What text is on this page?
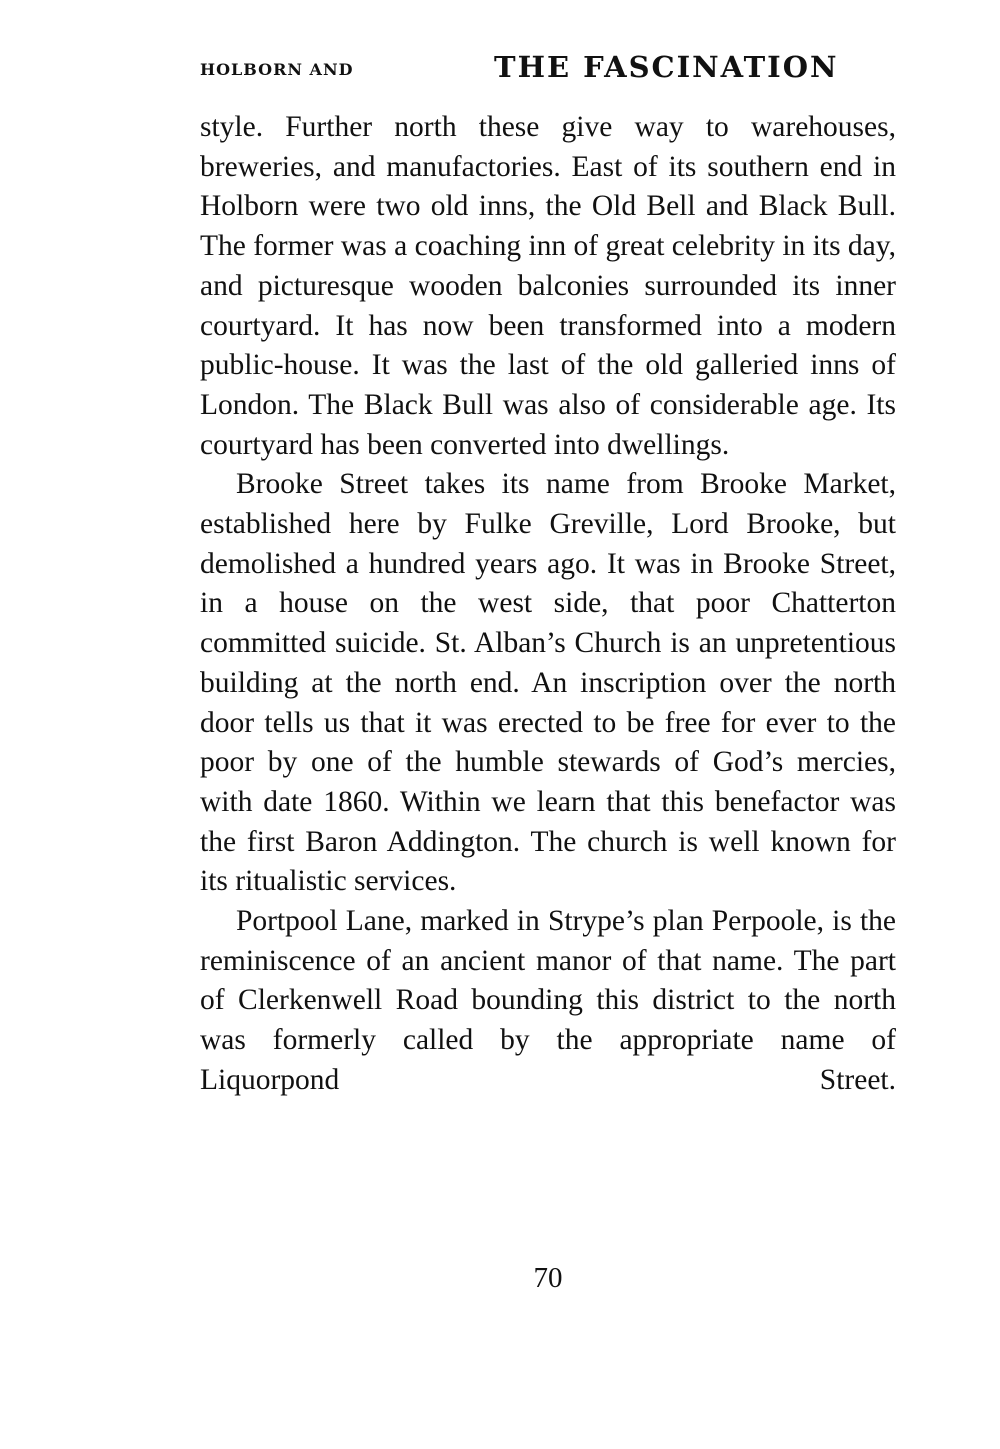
HOLBORN AND	THE FASCINATION

style. Further north these give way to warehouses, breweries, and manufactories. East of its southern end in Holborn were two old inns, the Old Bell and Black Bull. The former was a coaching inn of great celebrity in its day, and picturesque wooden balconies surrounded its inner courtyard. It has now been transformed into a modern public-house. It was the last of the old galleried inns of London. The Black Bull was also of considerable age. Its courtyard has been converted into dwellings.

Brooke Street takes its name from Brooke Market, established here by Fulke Greville, Lord Brooke, but demolished a hundred years ago. It was in Brooke Street, in a house on the west side, that poor Chatterton committed suicide. St. Alban’s Church is an unpretentious building at the north end. An inscription over the north door tells us that it was erected to be free for ever to the poor by one of the humble stewards of God’s mercies, with date 1860. Within we learn that this benefactor was the first Baron Addington. The church is well known for its ritualistic services.

Portpool Lane, marked in Strype’s plan Perpoole, is the reminiscence of an ancient manor of that name. The part of Clerkenwell Road bounding this district to the north was formerly called by the appropriate name of Liquorpond Street.

70
